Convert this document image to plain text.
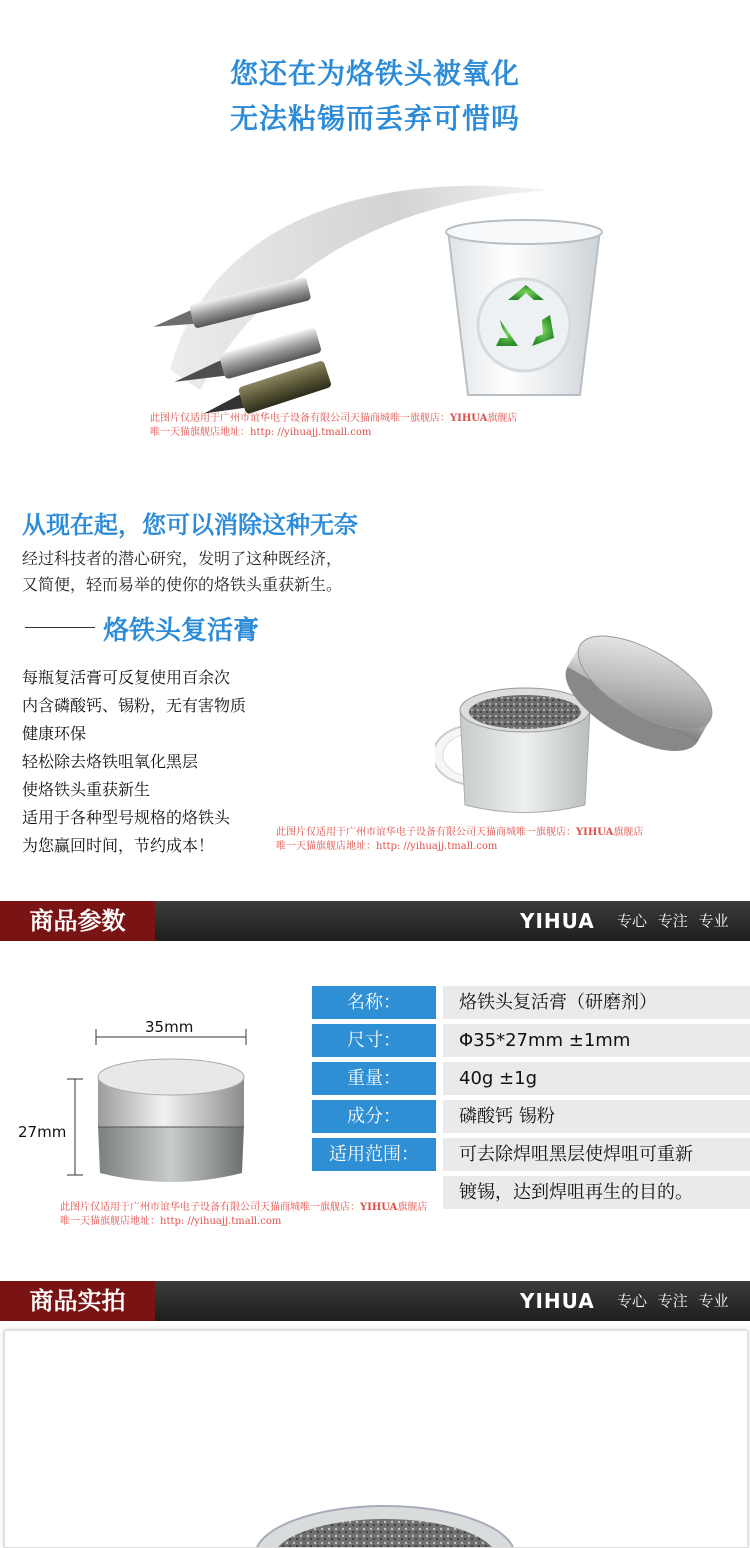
您还在为烙铁头被氧化
无法粘锡而丢弃可惜吗
此图片仅适用于广州市谊华电子设备有限公司天猫商城唯一旗舰店：YIHUA旗舰店
唯一天猫旗舰店地址：http: //yihuajj.tmall.com
从现在起，您可以消除这种无奈
经过科技者的潜心研究，发明了这种既经济，
又简便，轻而易举的使你的烙铁头重获新生。
烙铁头复活膏
每瓶复活膏可反复使用百余次
内含磷酸钙、锡粉，无有害物质
健康环保
轻松除去烙铁咀氧化黑层
使烙铁头重获新生
适用于各种型号规格的烙铁头
为您赢回时间，节约成本！
此图片仅适用于广州市谊华电子设备有限公司天猫商城唯一旗舰店：YIHUA旗舰店
唯一天猫旗舰店地址：http: //yihuajj.tmall.com
商品参数	YIHUA 专心 专注 专业
35mm
27mm
名称：	烙铁头复活膏（研磨剂）
尺寸：	Φ35*27mm ±1mm
重量：	40g ±1g
成分：	磷酸钙 锡粉
适用范围：	可去除焊咀黑层使焊咀可重新
镀锡，达到焊咀再生的目的。
此图片仅适用于广州市谊华电子设备有限公司天猫商城唯一旗舰店：YIHUA旗舰店
唯一天猫旗舰店地址：http: //yihuajj.tmall.com
商品实拍	YIHUA 专心 专注 专业
